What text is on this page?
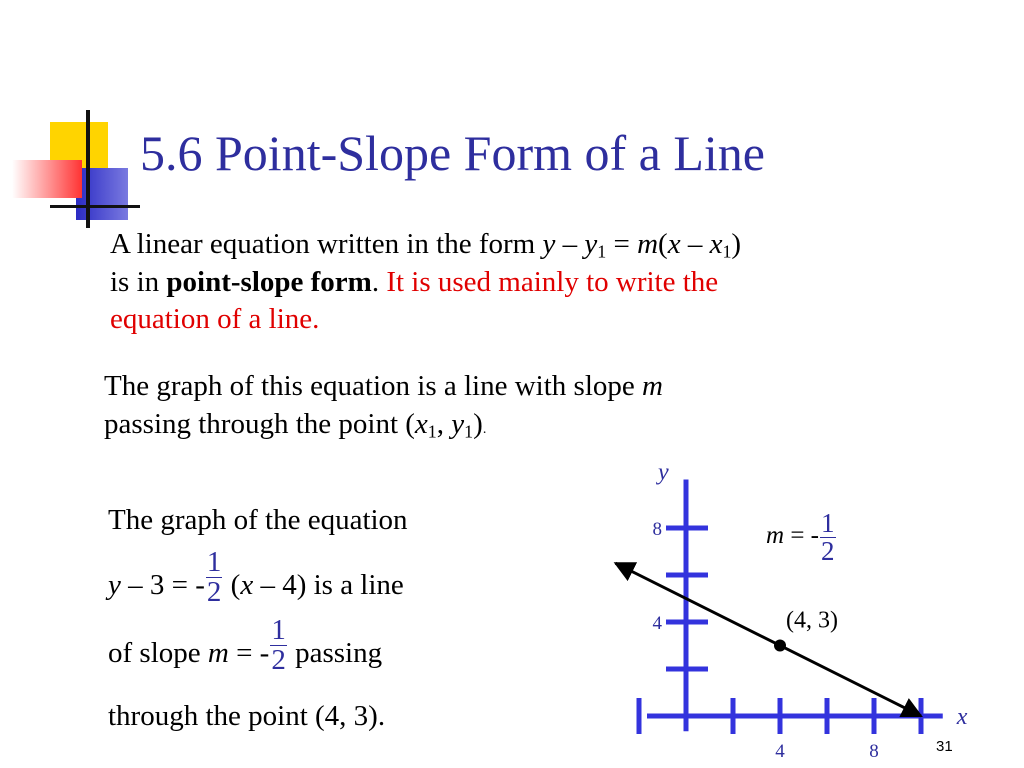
5.6 Point-Slope Form of a Line
A linear equation written in the form $y - y_1 = m(x - x_1)$
is in point-slope form. It is used mainly to write the
equation of a line.
The graph of this equation is a line with slope m
passing through the point ($x_1$, $y_1$).
The graph of the equation
y – 3 = - $\frac{1}{2} (x - 4)$ is a line
of slope m = - $\frac{1}{2}$ passing
through the point (4, 3).
4	8
4
8
x
y
(4, 3)
m = - $\frac{1}{2}$
31
